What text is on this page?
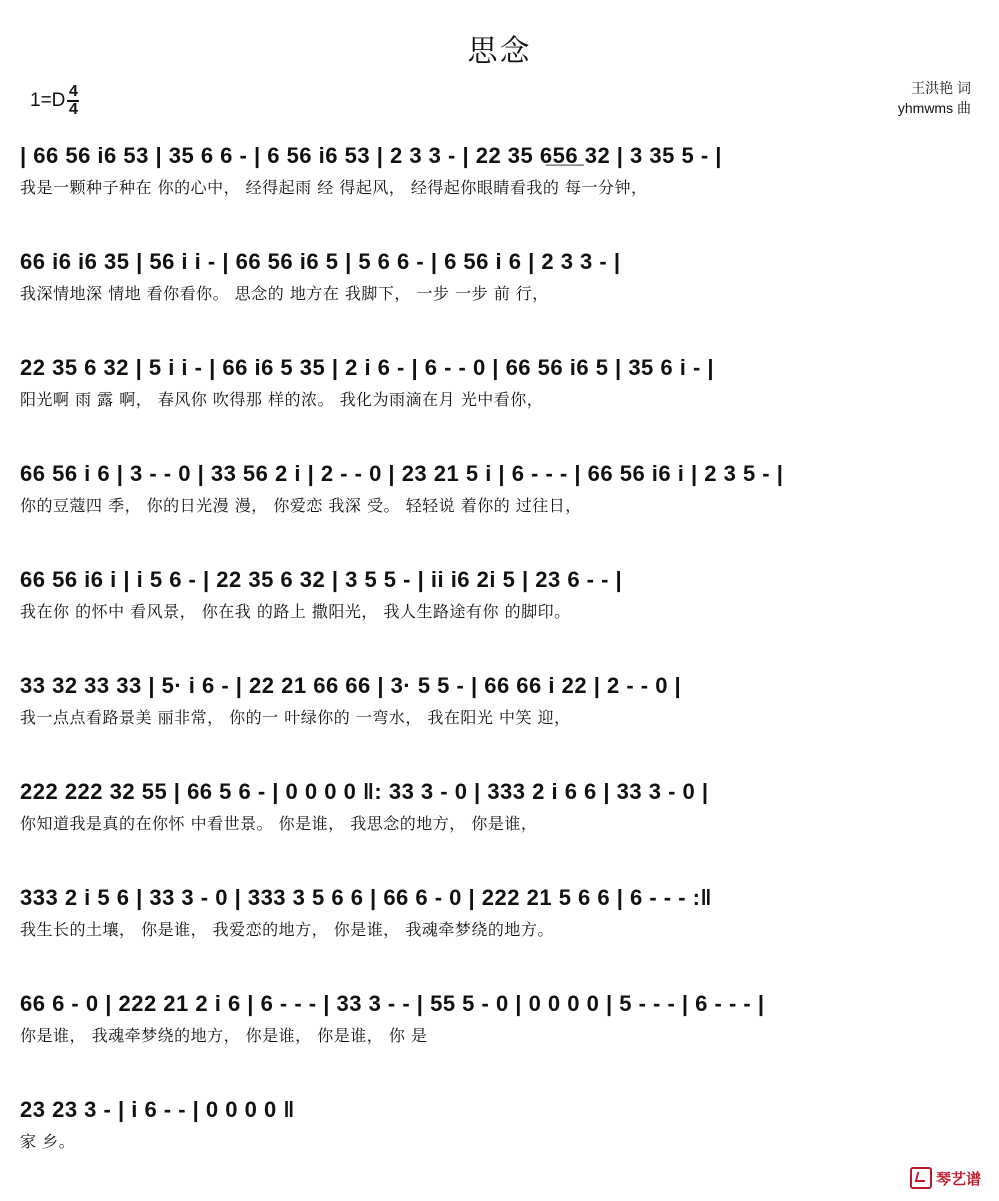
思念
1=D 4
4
王洪艳 词
yhmwms 曲
| 66 56 i6 53 | 35 6 6 - | 6 56 i6 53 | 2 3 3 - | 22 35 6̲5̲6̲ 32 | 3 35 5 - |
我是一颗种子种在 你的心中， 经得起雨 经 得起风， 经得起你眼睛看我的 每一分钟，
66 i6 i6 35 | 56 i i - | 66 56 i6 5 | 5 6 6 - | 6 56 i 6 | 2 3 3 - |
我深情地深 情地 看你看你。 思念的 地方在 我脚下， 一步 一步 前 行，
22 35 6 32 | 5 i i - | 66 i6 5 35 | 2 i 6 - | 6 - - 0 | 66 56 i6 5 | 35 6 i - |
阳光啊 雨 露 啊， 春风你 吹得那 样的浓。 我化为雨滴在月 光中看你，
66 56 i 6 | 3 - - 0 | 33 56 2 i | 2 - - 0 | 23 21 5 i | 6 - - - | 66 56 i6 i | 2 3 5 - |
你的豆蔻四 季， 你的日光漫 漫， 你爱恋 我深 受。 轻轻说 着你的 过往日，
66 56 i6 i | i 5 6 - | 22 35 6 32 | 3 5 5 - | ii i6 2i 5 | 23 6 - - |
我在你 的怀中 看风景， 你在我 的路上 撒阳光， 我人生路途有你 的脚印。
33 32 33 33 | 5· i 6 - | 22 21 66 66 | 3· 5 5 - | 66 66 i 22 | 2 - - 0 |
我一点点看路景美 丽非常， 你的一 叶绿你的 一弯水， 我在阳光 中笑 迎，
222 222 32 55 | 66 5 6 - | 0 0 0 0 ‖: 33 3 - 0 | 333 2 i 6 6 | 33 3 - 0 |
你知道我是真的在你怀 中看世景。 你是谁， 我思念的地方， 你是谁，
333 2 i 5 6 | 33 3 - 0 | 333 3 5 6 6 | 66 6 - 0 | 222 21 5 6 6 | 6 - - - :‖
我生长的土壤， 你是谁， 我爱恋的地方， 你是谁， 我魂牵梦绕的地方。
66 6 - 0 | 222 21 2 i 6 | 6 - - - | 33 3 - - | 55 5 - 0 | 0 0 0 0 | 5 - - - | 6 - - - |
你是谁， 我魂牵梦绕的地方， 你是谁， 你是谁， 你 是
23 23 3 - | i 6 - - | 0 0 0 0 ‖
家 乡。
琴艺谱
